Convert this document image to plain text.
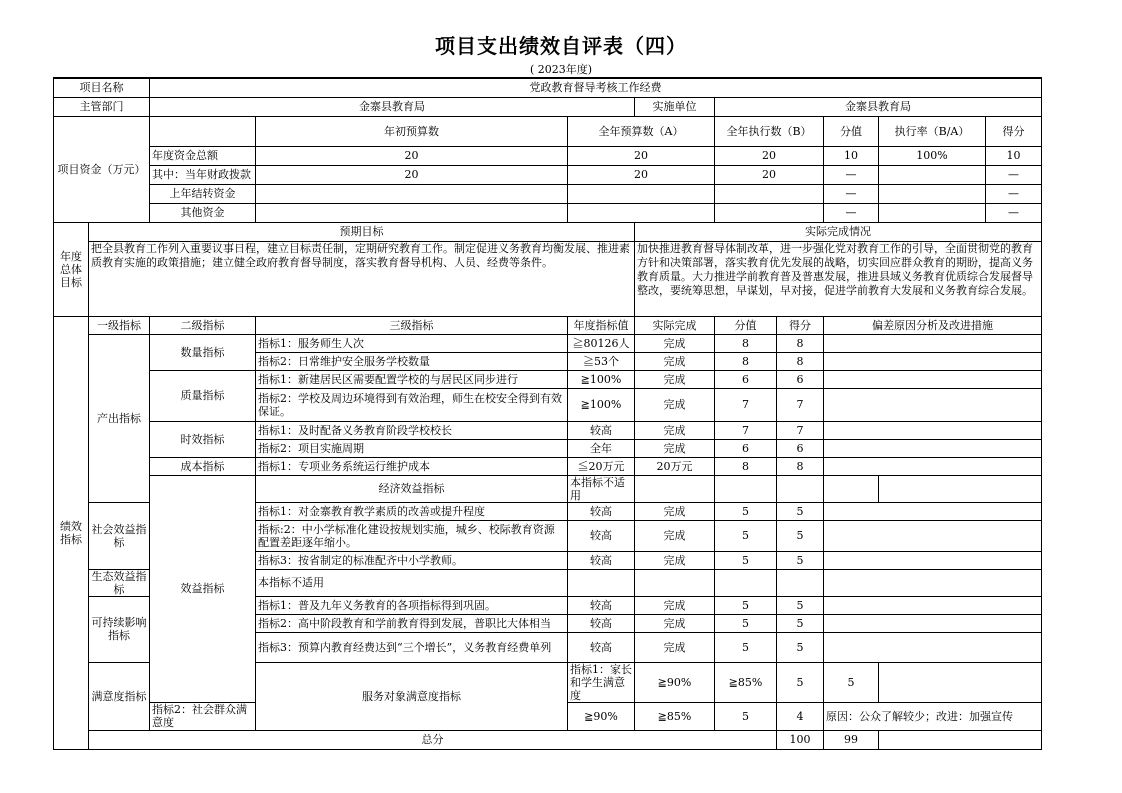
项目支出绩效自评表（四）
( 2023年度)
项目名称		党政教育督导考核工作经费								
主管部门		金寨县教育局			实施单位	金寨县教育局				
项目资金（万元）			年初预算数	全年预算数（A）		全年执行数（B）		分值	执行率（B/A）	得分
		年度资金总额	20	20		20		10	100%	10
		其中：当年财政拨款	20	20		20		—		—
		上年结转资金						—		—
		其他资金						—		—
年度总体目标	预期目标				实际完成情况					
	把全县教育工作列入重要议事日程，建立目标责任制，定期研究教育工作。制定促进义务教育均衡发展、推进素质教育实施的政策措施；建立健全政府教育督导制度，落实教育督导机构、人员、经费等条件。				加快推进教育督导体制改革，进一步强化党对教育工作的引导，全面贯彻党的教育方针和决策部署，落实教育优先发展的战略，切实回应群众教育的期盼，提高义务教育质量。大力推进学前教育普及普惠发展，推进县域义务教育优质综合发展督导整改，要统筹思想，早谋划，早对接，促进学前教育大发展和义务教育综合发展。					
绩效指标	一级指标	二级指标	三级指标	年度指标值	实际完成	分值	得分	偏差原因分析及改进措施		
	产出指标	数量指标	指标1：服务师生人次	≧80126人	完成	8	8			
			指标2：日常维护安全服务学校数量	≧53个	完成	8	8			
		质量指标	指标1：新建居民区需要配置学校的与居民区同步进行	≧100%	完成	6	6			
			指标2：学校及周边环境得到有效治理，师生在校安全得到有效保证。	≧100%	完成	7	7			
		时效指标	指标1：及时配备义务教育阶段学校校长	较高	完成	7	7			
			指标2：项目实施周期	全年	完成	6	6			
		成本指标	指标1：专项业务系统运行维护成本	≦20万元	20万元	8	8			
		效益指标	经济效益指标	本指标不适用						
	社会效益指标		指标1：对金寨教育教学素质的改善或提升程度	较高	完成	5	5			
			指标:2：中小学标准化建设按规划实施，城乡、校际教育资源配置差距逐年缩小。	较高	完成	5	5			
			指标3：按省制定的标准配齐中小学教师。	较高	完成	5	5			
	生态效益指标		本指标不适用							
	可持续影响指标		指标1：普及九年义务教育的各项指标得到巩固。	较高	完成	5	5			
			指标2：高中阶段教育和学前教育得到发展，普职比大体相当	较高	完成	5	5			
			指标3：预算内教育经费达到“三个增长”，义务教育经费单列	较高	完成	5	5			
	满意度指标		服务对象满意度指标	指标1：家长和学生满意度	≧90%	≧85%	5	5		
		指标2：社会群众满意度		≧90%	≧85%	5	4	原因：公众了解较少；改进：加强宣传		
	总分						100	99		
